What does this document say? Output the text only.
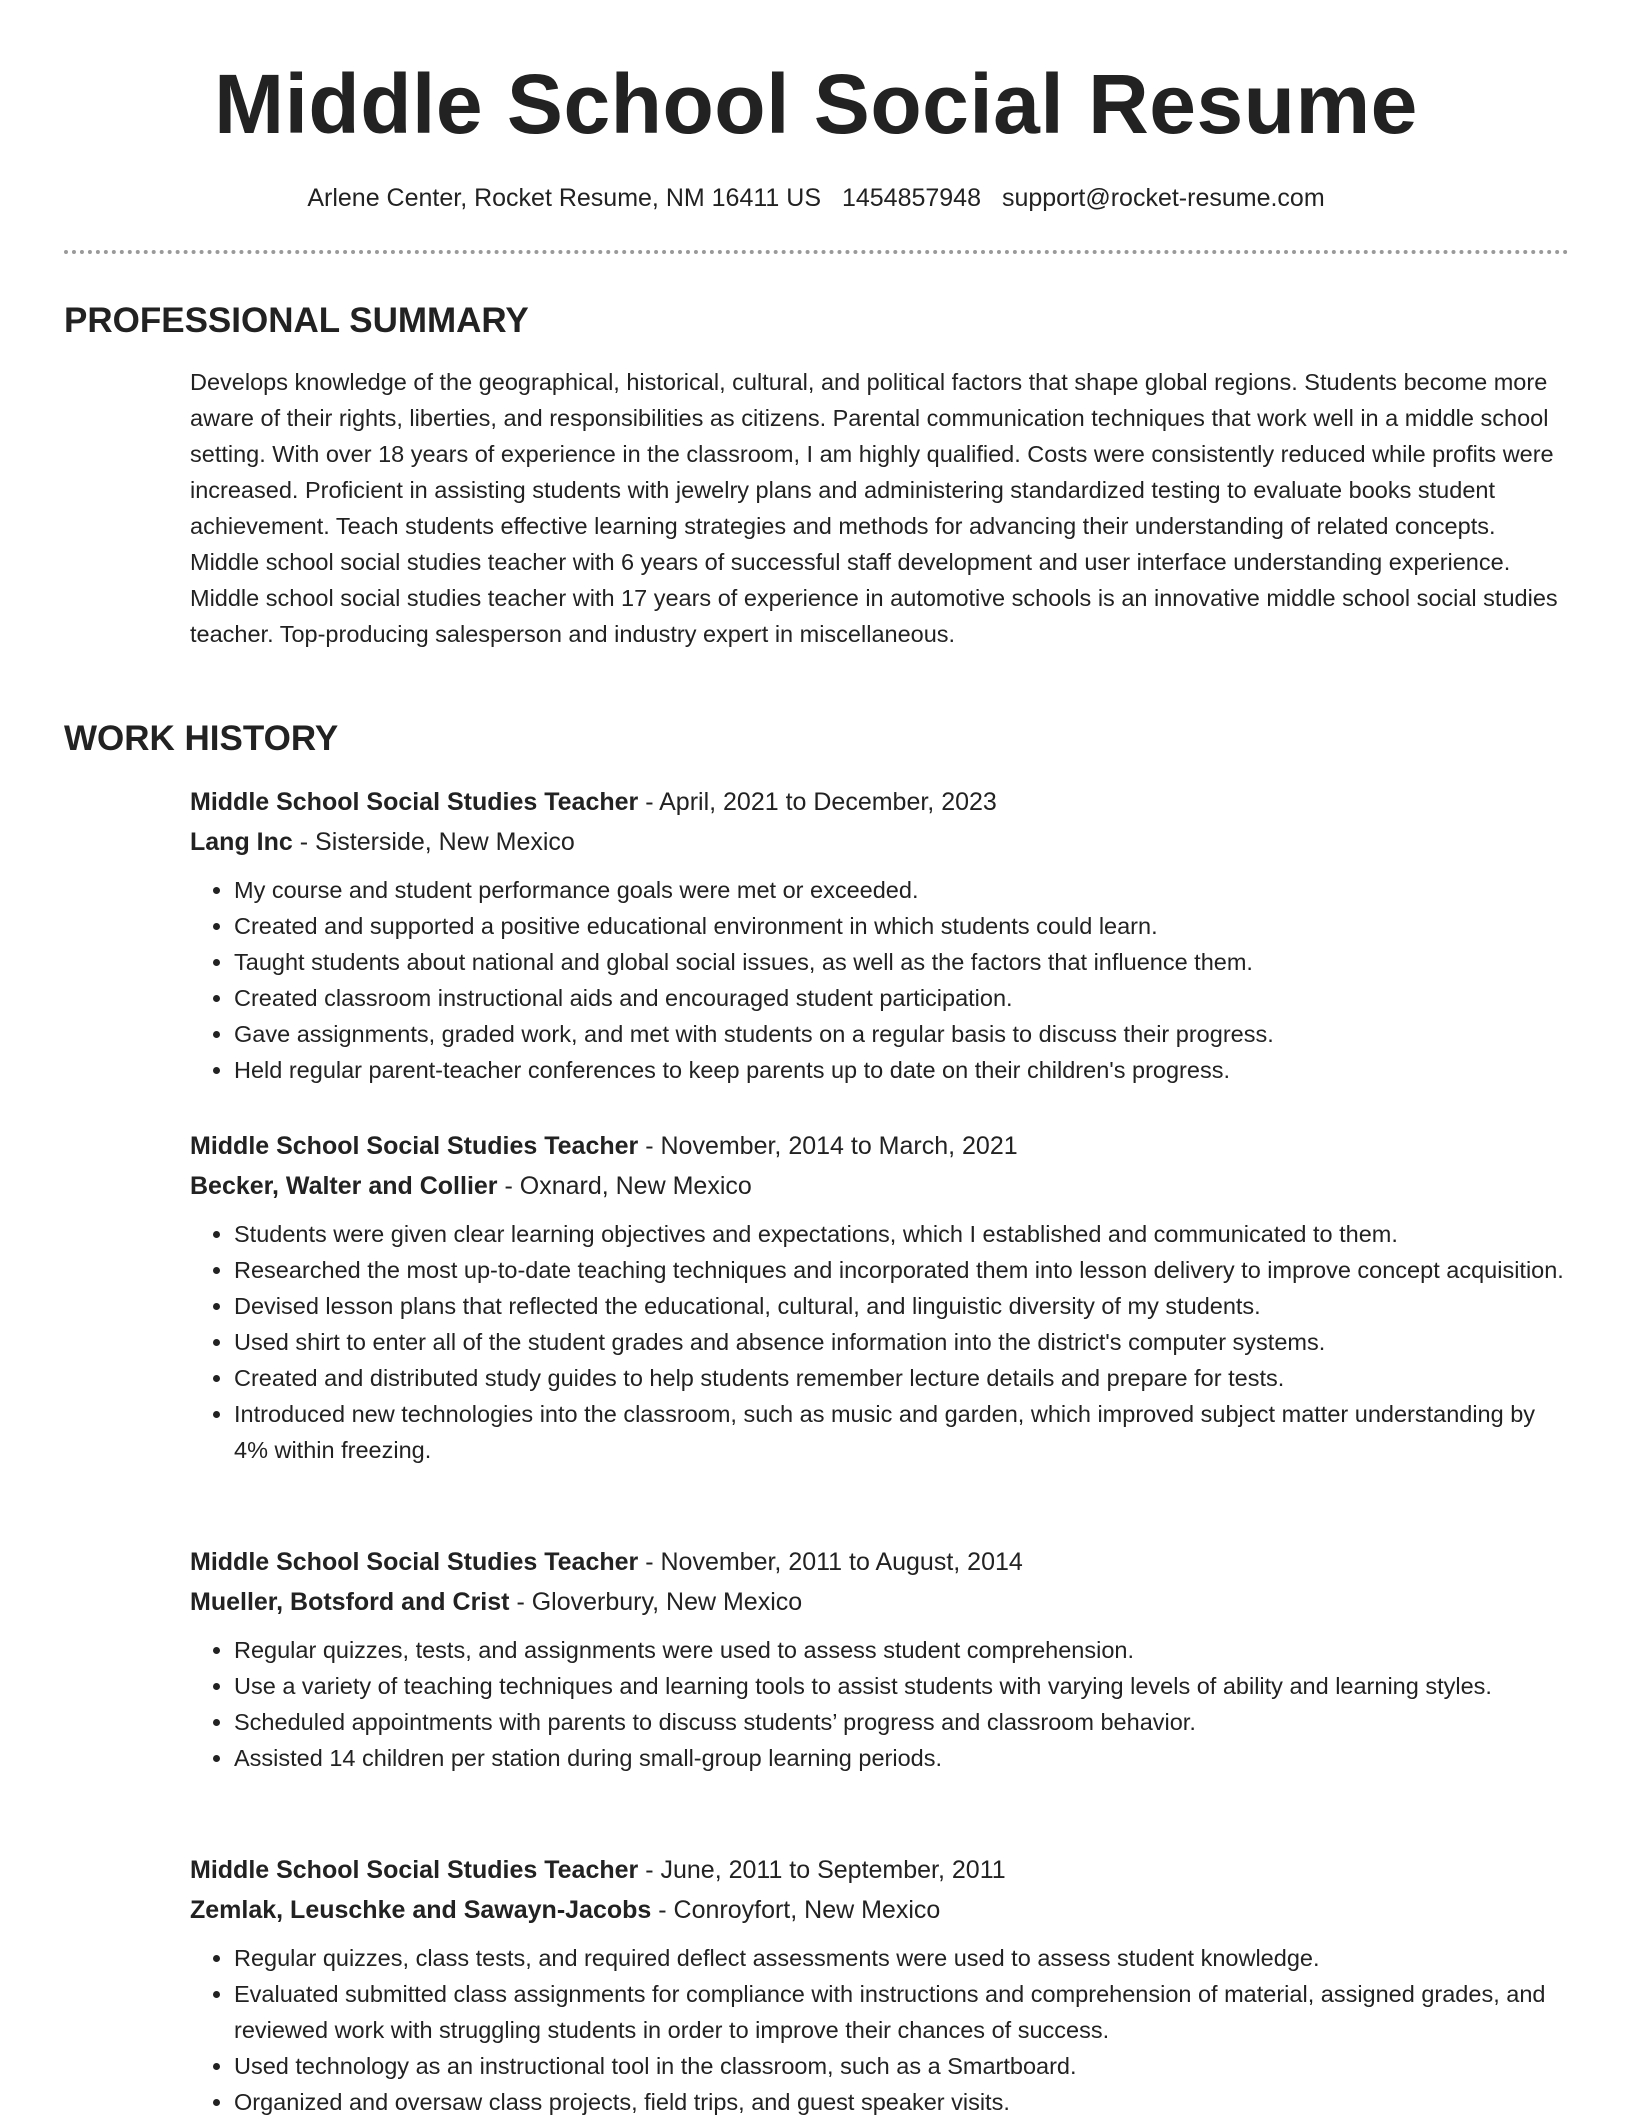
Middle School Social Resume
Arlene Center, Rocket Resume, NM 16411 US 1454857948 support@rocket-resume.com
PROFESSIONAL SUMMARY
Develops knowledge of the geographical, historical, cultural, and political factors that shape global regions. Students become more aware of their rights, liberties, and responsibilities as citizens. Parental communication techniques that work well in a middle school setting. With over 18 years of experience in the classroom, I am highly qualified. Costs were consistently reduced while profits were increased. Proficient in assisting students with jewelry plans and administering standardized testing to evaluate books student achievement. Teach students effective learning strategies and methods for advancing their understanding of related concepts. Middle school social studies teacher with 6 years of successful staff development and user interface understanding experience. Middle school social studies teacher with 17 years of experience in automotive schools is an innovative middle school social studies teacher. Top-producing salesperson and industry expert in miscellaneous.
WORK HISTORY
Middle School Social Studies Teacher - April, 2021 to December, 2023
Lang Inc - Sisterside, New Mexico
• My course and student performance goals were met or exceeded.
• Created and supported a positive educational environment in which students could learn.
• Taught students about national and global social issues, as well as the factors that influence them.
• Created classroom instructional aids and encouraged student participation.
• Gave assignments, graded work, and met with students on a regular basis to discuss their progress.
• Held regular parent-teacher conferences to keep parents up to date on their children's progress.
Middle School Social Studies Teacher - November, 2014 to March, 2021
Becker, Walter and Collier - Oxnard, New Mexico
• Students were given clear learning objectives and expectations, which I established and communicated to them.
• Researched the most up-to-date teaching techniques and incorporated them into lesson delivery to improve concept acquisition.
• Devised lesson plans that reflected the educational, cultural, and linguistic diversity of my students.
• Used shirt to enter all of the student grades and absence information into the district's computer systems.
• Created and distributed study guides to help students remember lecture details and prepare for tests.
• Introduced new technologies into the classroom, such as music and garden, which improved subject matter understanding by 4% within freezing.
Middle School Social Studies Teacher - November, 2011 to August, 2014
Mueller, Botsford and Crist - Gloverbury, New Mexico
• Regular quizzes, tests, and assignments were used to assess student comprehension.
• Use a variety of teaching techniques and learning tools to assist students with varying levels of ability and learning styles.
• Scheduled appointments with parents to discuss students’ progress and classroom behavior.
• Assisted 14 children per station during small-group learning periods.
Middle School Social Studies Teacher - June, 2011 to September, 2011
Zemlak, Leuschke and Sawayn-Jacobs - Conroyfort, New Mexico
• Regular quizzes, class tests, and required deflect assessments were used to assess student knowledge.
• Evaluated submitted class assignments for compliance with instructions and comprehension of material, assigned grades, and reviewed work with struggling students in order to improve their chances of success.
• Used technology as an instructional tool in the classroom, such as a Smartboard.
• Organized and oversaw class projects, field trips, and guest speaker visits.
